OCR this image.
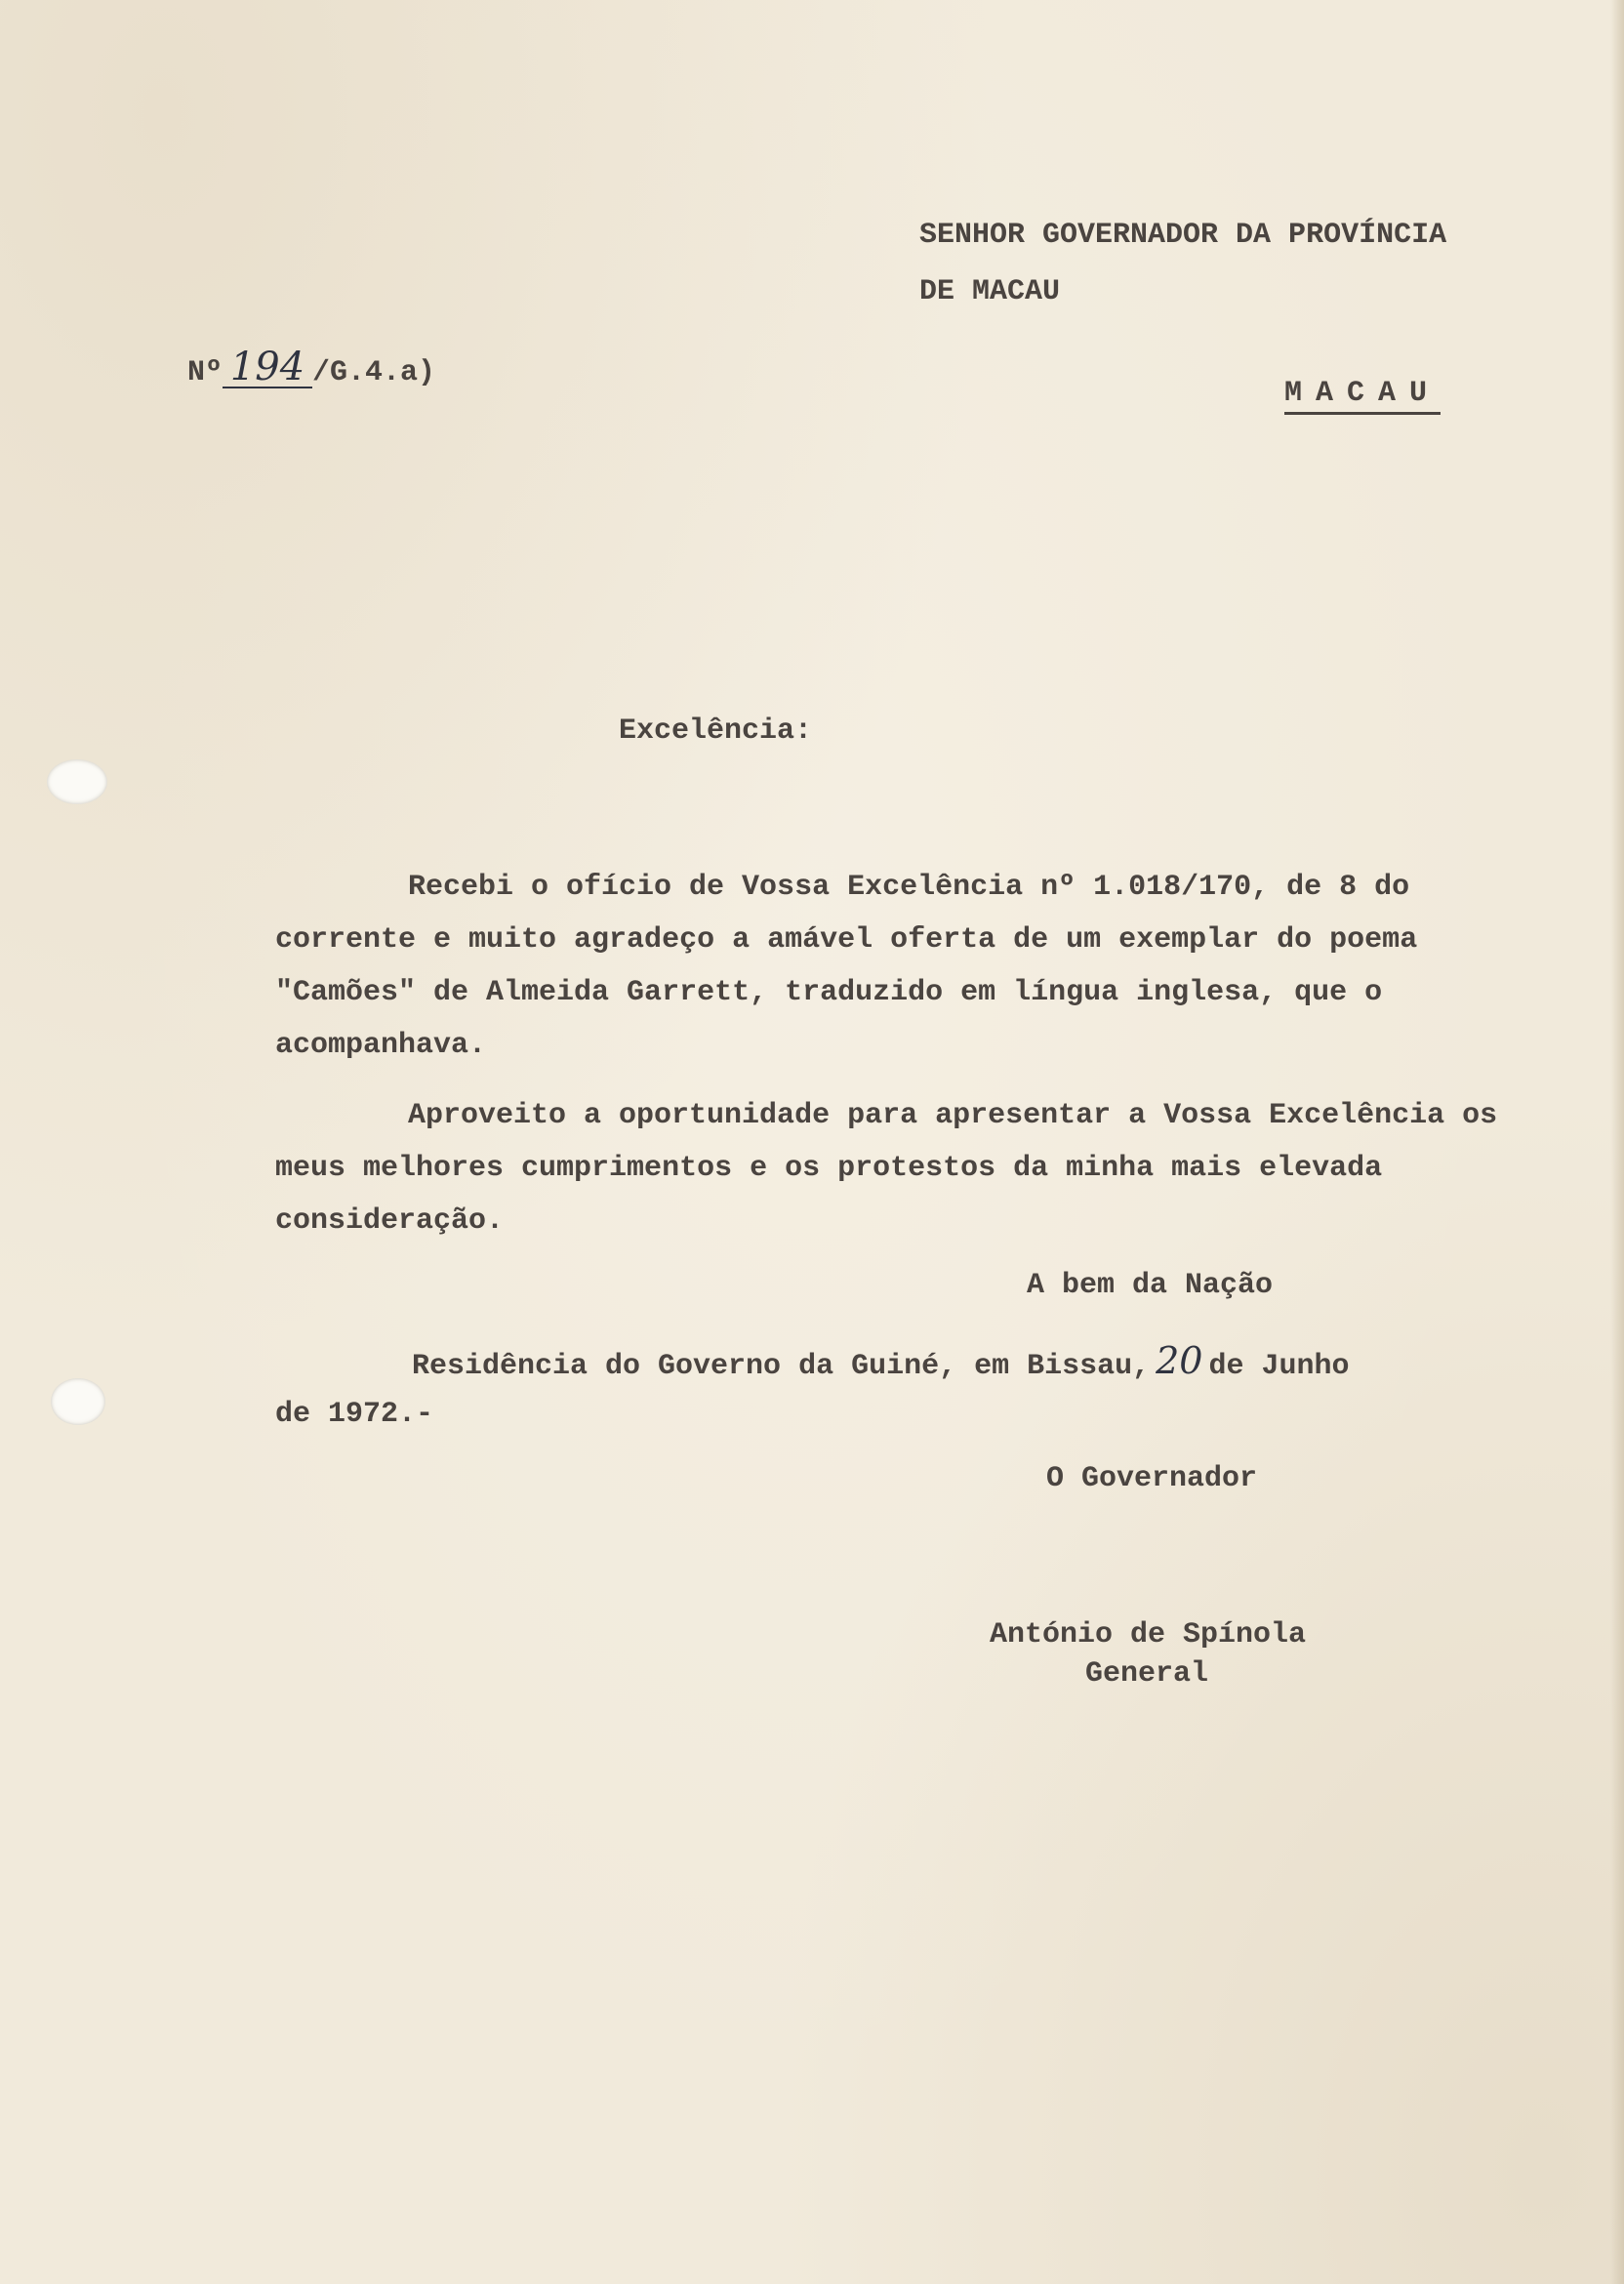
SENHOR GOVERNADOR DA PROVÍNCIA

DE MACAU

MACAU

Nº 194 /G.4.a)

Excelência:

Recebi o ofício de Vossa Excelência nº 1.018/170, de 8 do corrente e muito agradeço a amável oferta de um exemplar do poema "Camões" de Almeida Garrett, traduzido em língua inglesa, que o acompanhava.

Aproveito a oportunidade para apresentar a Vossa Excelência os meus melhores cumprimentos e os protestos da minha mais elevada consideração.

A bem da Nação

Residência do Governo da Guiné, em Bissau, 20 de Junho

de 1972.-

O Governador

António de Spínola

General
